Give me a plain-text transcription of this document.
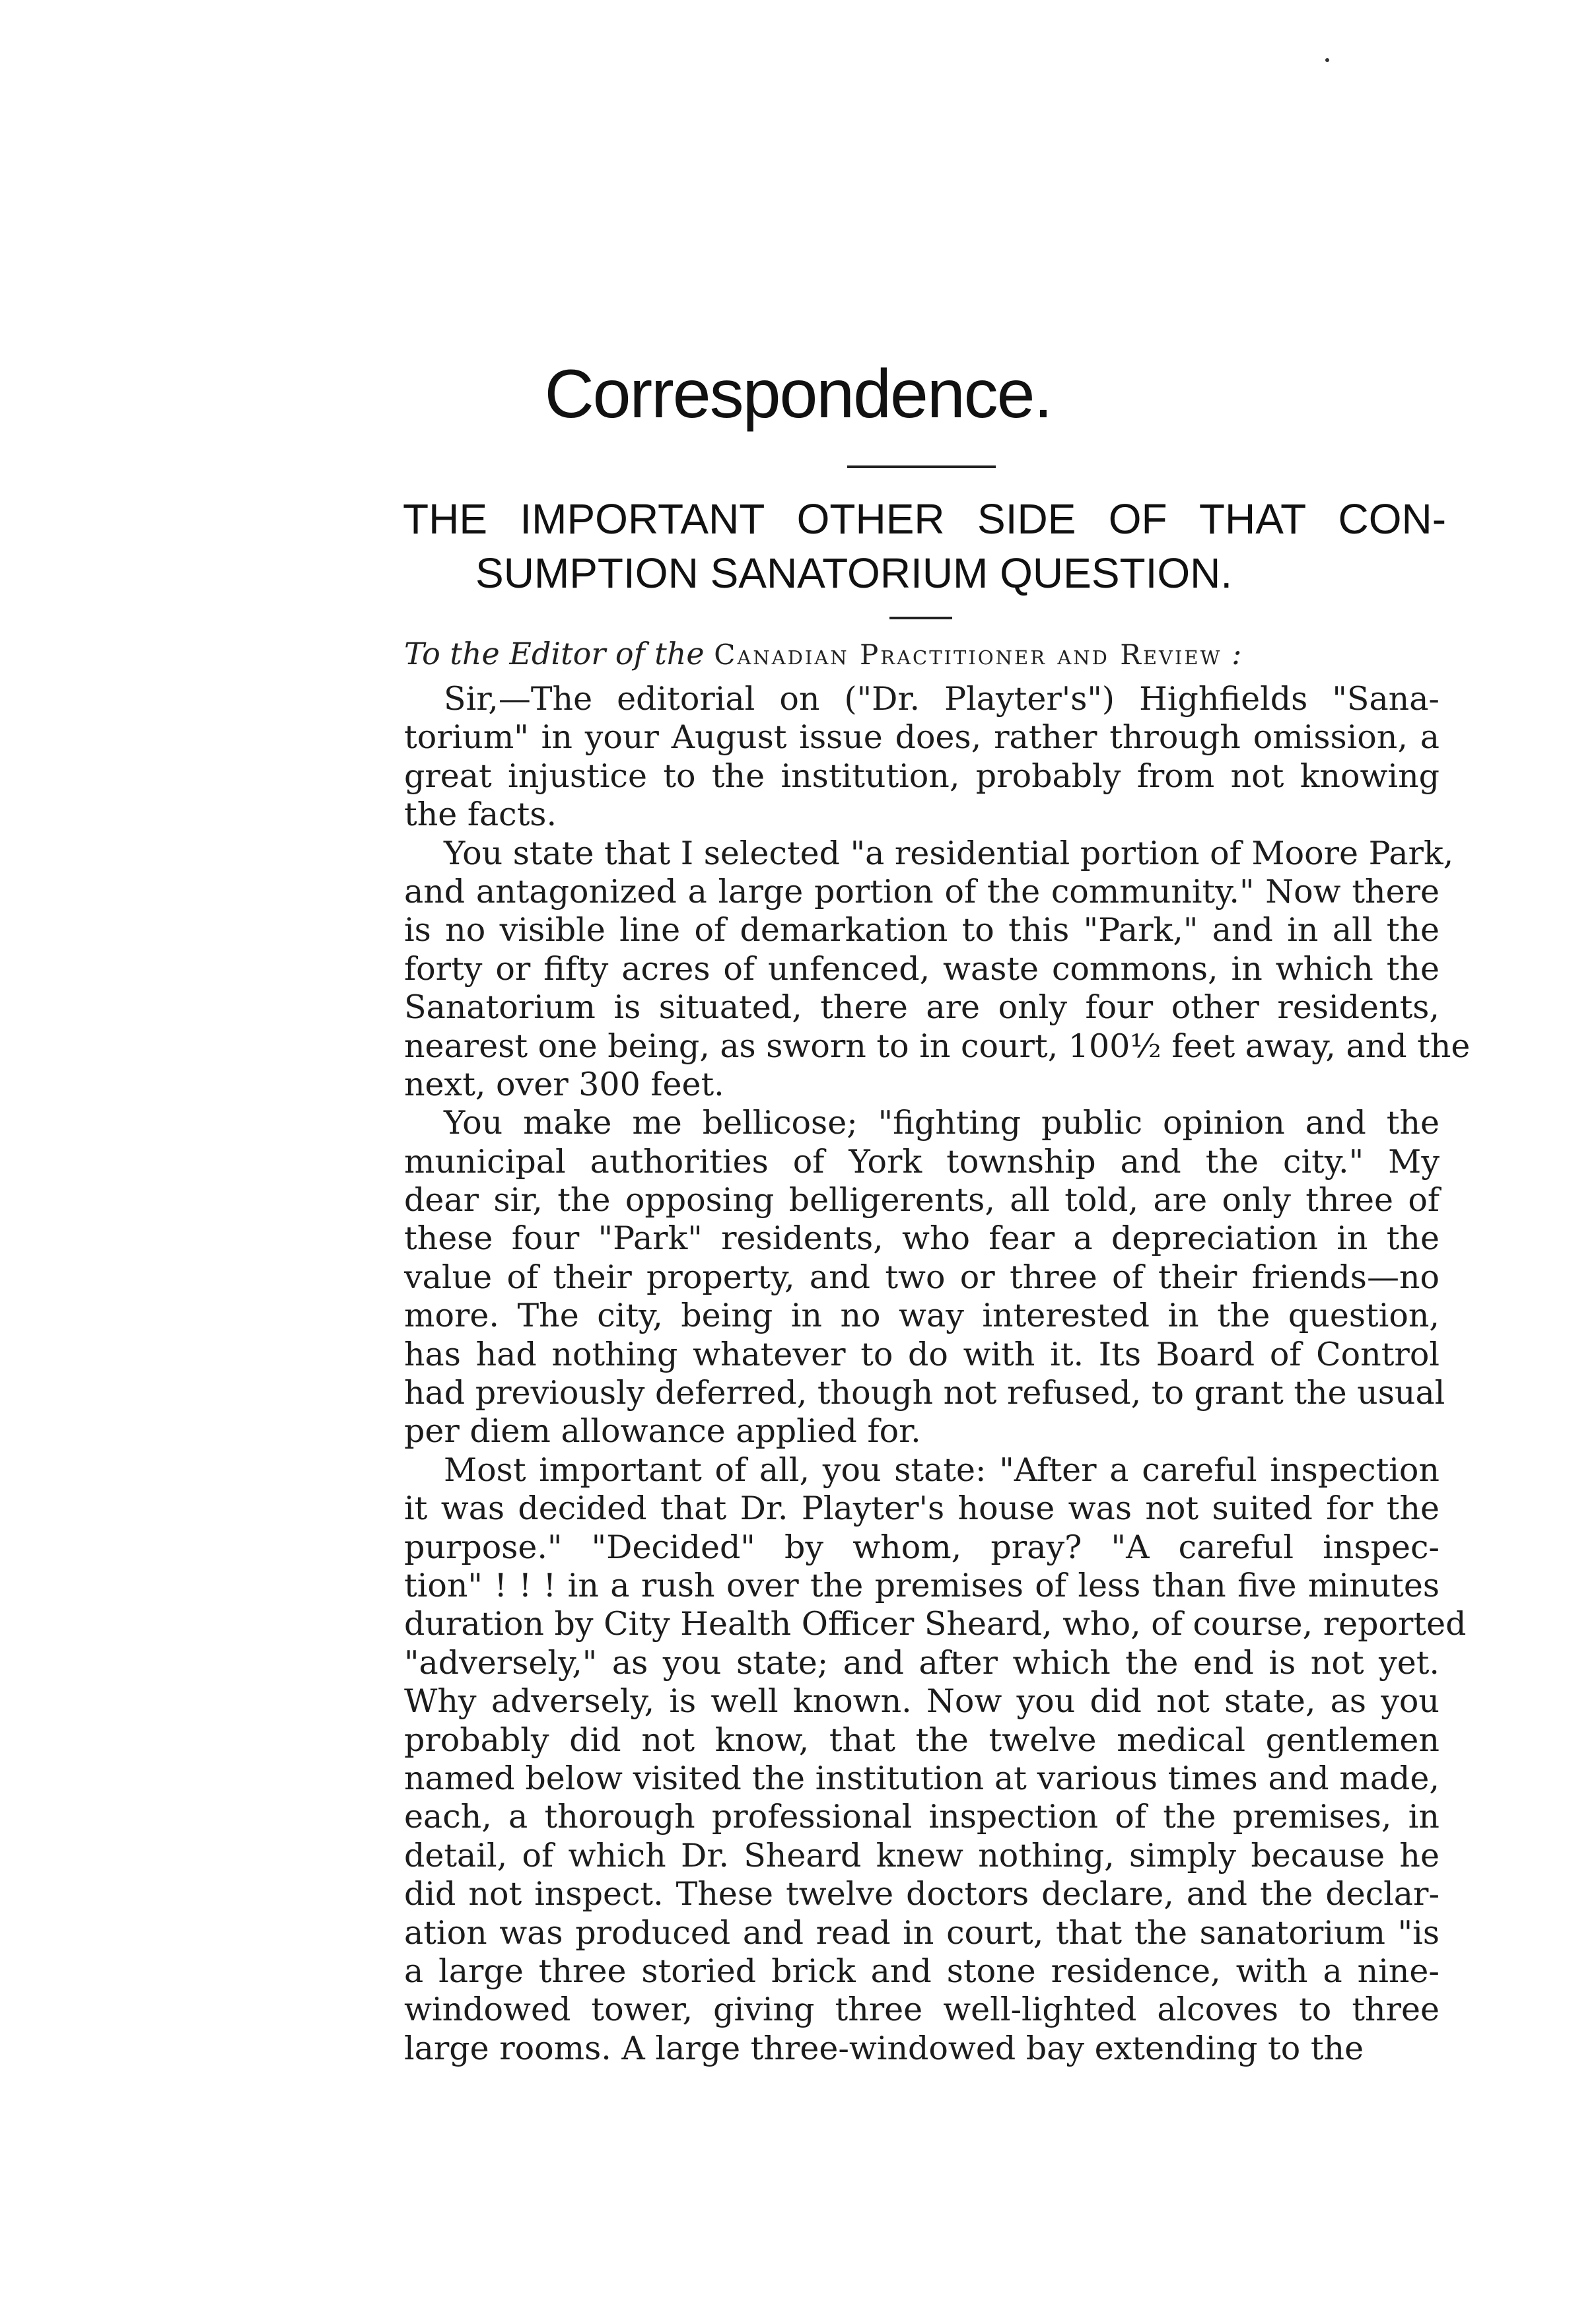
Correspondence.
THE IMPORTANT OTHER SIDE OF THAT CON-
SUMPTION SANATORIUM QUESTION.
To the Editor of the Canadian Practitioner and Review :
Sir,—The editorial on ("Dr. Playter's") Highfields "Sana-
torium" in your August issue does, rather through omission, a
great injustice to the institution, probably from not knowing
the facts.
You state that I selected "a residential portion of Moore Park,
and antagonized a large portion of the community." Now there
is no visible line of demarkation to this "Park," and in all the
forty or fifty acres of unfenced, waste commons, in which the
Sanatorium is situated, there are only four other residents,
nearest one being, as sworn to in court, 100½ feet away, and the
next, over 300 feet.
You make me bellicose; "fighting public opinion and the
municipal authorities of York township and the city." My
dear sir, the opposing belligerents, all told, are only three of
these four "Park" residents, who fear a depreciation in the
value of their property, and two or three of their friends—no
more. The city, being in no way interested in the question,
has had nothing whatever to do with it. Its Board of Control
had previously deferred, though not refused, to grant the usual
per diem allowance applied for.
Most important of all, you state: "After a careful inspection
it was decided that Dr. Playter's house was not suited for the
purpose." "Decided" by whom, pray? "A careful inspec-
tion" ! ! ! in a rush over the premises of less than five minutes
duration by City Health Officer Sheard, who, of course, reported
"adversely," as you state; and after which the end is not yet.
Why adversely, is well known. Now you did not state, as you
probably did not know, that the twelve medical gentlemen
named below visited the institution at various times and made,
each, a thorough professional inspection of the premises, in
detail, of which Dr. Sheard knew nothing, simply because he
did not inspect. These twelve doctors declare, and the declar-
ation was produced and read in court, that the sanatorium "is
a large three storied brick and stone residence, with a nine-
windowed tower, giving three well-lighted alcoves to three
large rooms. A large three-windowed bay extending to the
